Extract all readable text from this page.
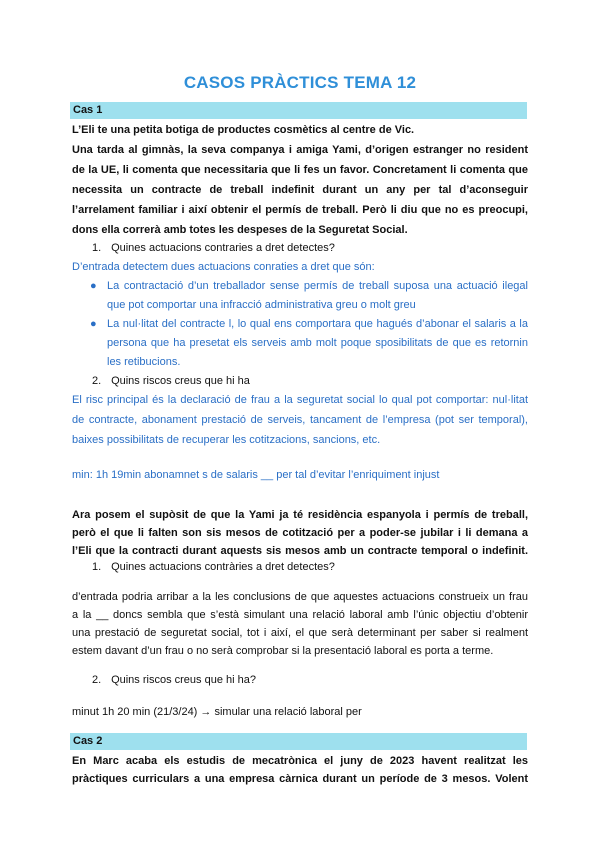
CASOS PRÀCTICS TEMA 12
Cas 1
L’Eli te una petita botiga de productes cosmètics al centre de Vic.
Una tarda al gimnàs, la seva companya i amiga Yami, d’origen estranger no resident
de la UE, li comenta que necessitaria que li fes un favor. Concretament li comenta que
necessita un contracte de treball indefinit durant un any per tal d’aconseguir
l’arrelament familiar i així obtenir el permís de treball. Però li diu que no es preocupi,
dons ella correrà amb totes les despeses de la Seguretat Social.
1. Quines actuacions contraries a dret detectes?
D’entrada detectem dues actuacions conraties a dret que són:
● La contractació d’un treballador sense permís de treball suposa una actuació ilegal
que pot comportar una infracció administrativa greu o molt greu
● La nul·litat del contracte l, lo qual ens comportara que hagués d’abonar el salaris a la
persona que ha presetat els serveis amb molt poque sposibilitats de que es retornin
les retibucions.
2. Quins riscos creus que hi ha
El risc principal és la declaració de frau a la seguretat social lo qual pot comportar: nul·litat
de contracte, abonament prestació de serveis, tancament de l’empresa (pot ser temporal),
baixes possibilitats de recuperar les cotitzacions, sancions, etc.
min: 1h 19min abonamnet s de salaris __ per tal d’evitar l’enriquiment injust
Ara posem el supòsit de que la Yami ja té residència espanyola i permís de treball,
però el que li falten son sis mesos de cotització per a poder-se jubilar i li demana a
l’Eli que la contracti durant aquests sis mesos amb un contracte temporal o indefinit.
1. Quines actuacions contràries a dret detectes?
d’entrada podria arribar a la les conclusions de que aquestes actuacions construeix un frau
a la __ doncs sembla que s’està simulant una relació laboral amb l’únic objectiu d’obtenir
una prestació de seguretat social, tot i així, el que serà determinant per saber si realment
estem davant d’un frau o no serà comprobar si la presentació laboral es porta a terme.
2. Quins riscos creus que hi ha?
minut 1h 20 min (21/3/24) → simular una relació laboral per
Cas 2
En Marc acaba els estudis de mecatrònica el juny de 2023 havent realitzat les
pràctiques curriculars a una empresa càrnica durant un període de 3 mesos. Volent
